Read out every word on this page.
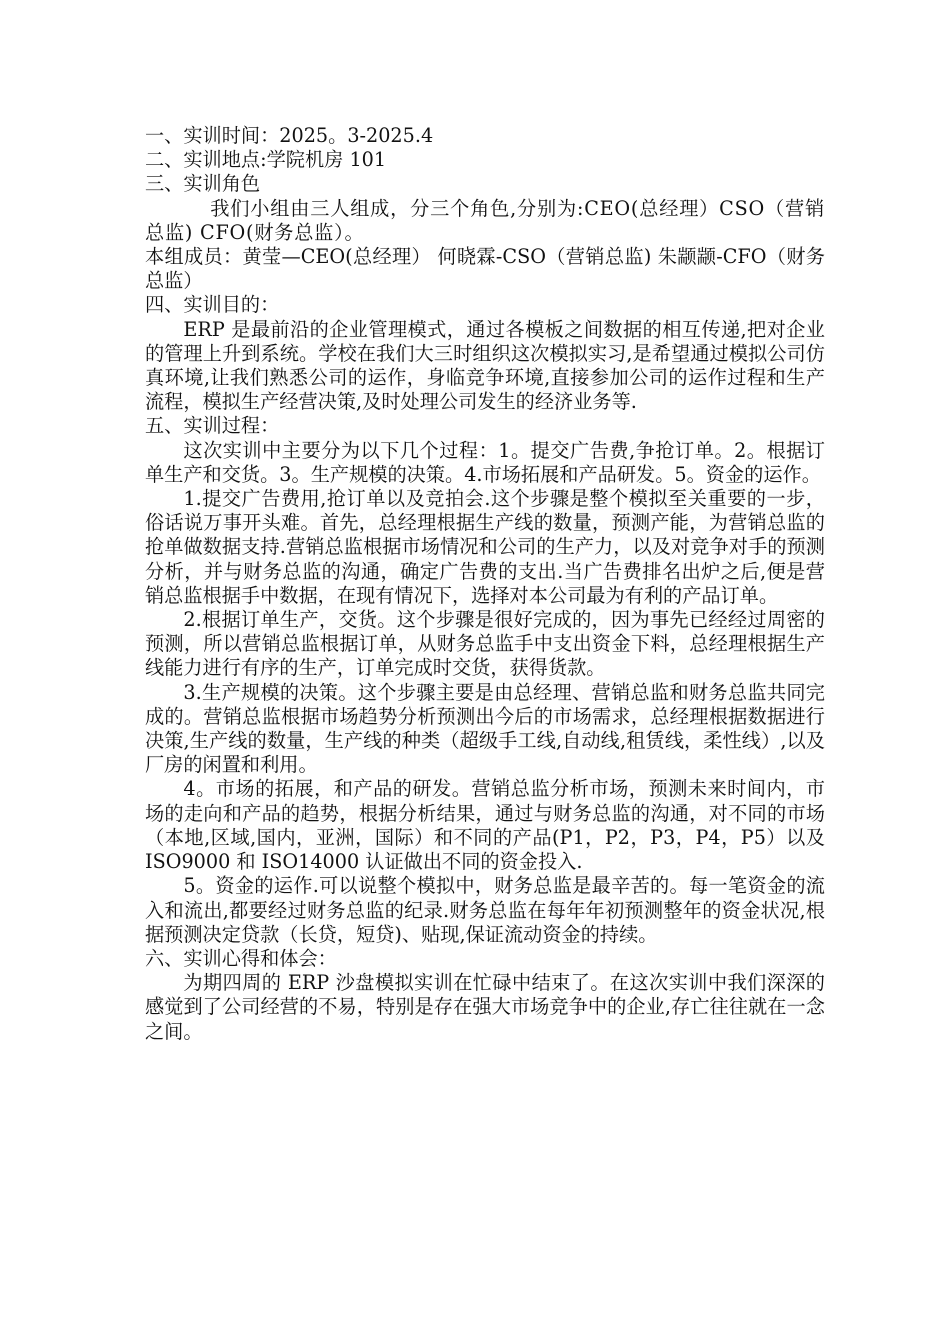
一、实训时间：2025。3-2025.4

二、实训地点:学院机房 101

三、实训角色

我们小组由三人组成，分三个角色,分别为:CEO(总经理）CSO（营销总监) CFO(财务总监）。

本组成员：黄莹—CEO(总经理） 何晓霖-CSO（营销总监) 朱颛颛-CFO（财务总监）

四、实训目的：

ERP 是最前沿的企业管理模式，通过各模板之间数据的相互传递,把对企业的管理上升到系统。学校在我们大三时组织这次模拟实习,是希望通过模拟公司仿真环境,让我们熟悉公司的运作，身临竞争环境,直接参加公司的运作过程和生产流程，模拟生产经营决策,及时处理公司发生的经济业务等.

五、实训过程：

这次实训中主要分为以下几个过程：1。提交广告费,争抢订单。2。根据订单生产和交货。3。生产规模的决策。4.市场拓展和产品研发。5。资金的运作。

1.提交广告费用,抢订单以及竞拍会.这个步骤是整个模拟至关重要的一步，俗话说万事开头难。首先，总经理根据生产线的数量，预测产能，为营销总监的抢单做数据支持.营销总监根据市场情况和公司的生产力，以及对竞争对手的预测分析，并与财务总监的沟通，确定广告费的支出.当广告费排名出炉之后,便是营销总监根据手中数据，在现有情况下，选择对本公司最为有利的产品订单。

2.根据订单生产，交货。这个步骤是很好完成的，因为事先已经经过周密的预测，所以营销总监根据订单，从财务总监手中支出资金下料，总经理根据生产线能力进行有序的生产，订单完成时交货，获得货款。

3.生产规模的决策。这个步骤主要是由总经理、营销总监和财务总监共同完成的。营销总监根据市场趋势分析预测出今后的市场需求，总经理根据数据进行决策,生产线的数量，生产线的种类（超级手工线,自动线,租赁线，柔性线）,以及厂房的闲置和利用。

4。市场的拓展，和产品的研发。营销总监分析市场，预测未来时间内，市场的走向和产品的趋势，根据分析结果，通过与财务总监的沟通，对不同的市场（本地,区域,国内，亚洲，国际）和不同的产品(P1，P2，P3，P4，P5）以及 ISO9000 和 ISO14000 认证做出不同的资金投入.

5。资金的运作.可以说整个模拟中，财务总监是最辛苦的。每一笔资金的流入和流出,都要经过财务总监的纪录.财务总监在每年年初预测整年的资金状况,根据预测决定贷款（长贷，短贷)、贴现,保证流动资金的持续。

六、实训心得和体会：

为期四周的 ERP 沙盘模拟实训在忙碌中结束了。在这次实训中我们深深的感觉到了公司经营的不易，特别是存在强大市场竞争中的企业,存亡往往就在一念之间。
